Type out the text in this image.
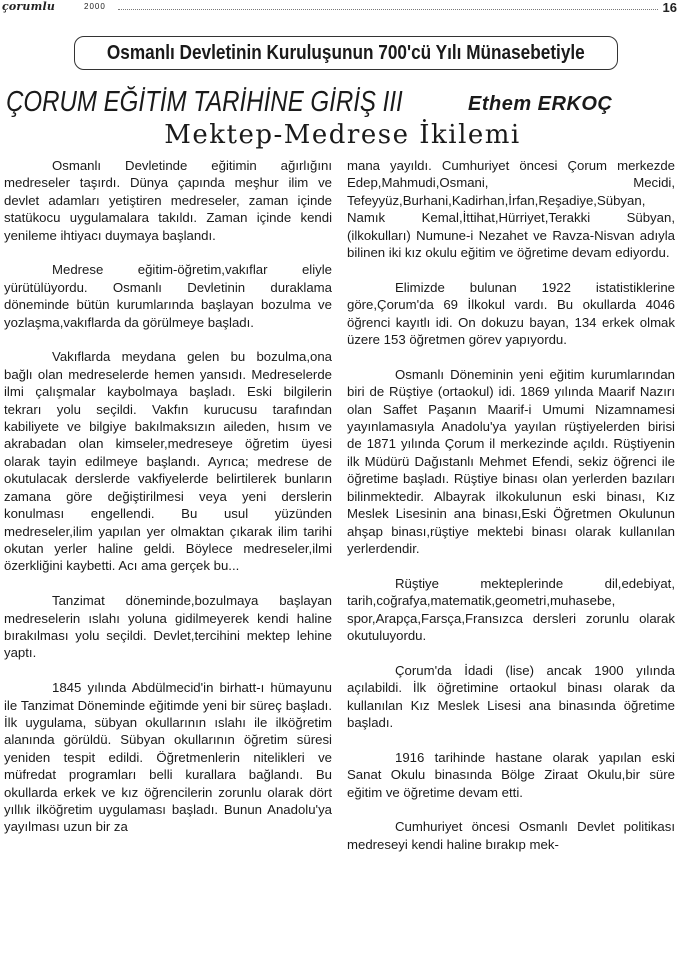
çorumlu	2000	16
Osmanlı Devletinin Kuruluşunun 700'cü Yılı Münasebetiyle
ÇORUM EĞİTİM TARİHİNE GİRİŞ III	Ethem ERKOÇ
Mektep-Medrese İkilemi

Osmanlı Devletinde eğitimin ağırlığını medreseler taşırdı. Dünya çapında meşhur ilim ve devlet adamları yetiştiren medreseler, zaman içinde statükocu uygulamalara takıldı. Zaman içinde kendi yenileme ihtiyacı duymaya başlandı.

Medrese eğitim-öğretim,vakıflar eliyle yürütülüyordu. Osmanlı Devletinin duraklama döneminde bütün kurumlarında başlayan bozulma ve yozlaşma,vakıflarda da görülmeye başladı.

Vakıflarda meydana gelen bu bozulma,ona bağlı olan medreselerde hemen yansıdı. Medreselerde ilmi çalışmalar kaybolmaya başladı. Eski bilgilerin tekrarı yolu seçildi. Vakfın kurucusu tarafından kabiliyete ve bilgiye bakılmaksızın aileden, hısım ve akrabadan olan kimseler,medreseye öğretim üyesi olarak tayin edilmeye başlandı. Ayrıca; medrese de okutulacak derslerde vakfiyelerde belirtilerek bunların zamana göre değiştirilmesi veya yeni derslerin konulması engellendi. Bu usul yüzünden medreseler,ilim yapılan yer olmaktan çıkarak ilim tarihi okutan yerler haline geldi. Böylece medreseler,ilmi özerkliğini kaybetti. Acı ama gerçek bu...

Tanzimat döneminde,bozulmaya başlayan medreselerin ıslahı yoluna gidilmeyerek kendi haline bırakılması yolu seçildi. Devlet,tercihini mektep lehine yaptı.

1845 yılında Abdülmecid'in birhatt-ı hümayunu ile Tanzimat Döneminde eğitimde yeni bir süreç başladı. İlk uygulama, sübyan okullarının ıslahı ile ilköğretim alanında görüldü. Sübyan okullarının öğretim süresi yeniden tespit edildi. Öğretmenlerin nitelikleri ve müfredat programları belli kurallara bağlandı. Bu okullarda erkek ve kız öğrencilerin zorunlu olarak dört yıllık ilköğretim uygulaması başladı. Bunun Anadolu'ya yayılması uzun bir za

mana yayıldı. Cumhuriyet öncesi Çorum merkezde Edep,Mahmudi,Osmani, Mecidi, Tefeyyüz,Burhani,Kadirhan,İrfan,Reşadiye,Sübyan, Namık Kemal,İttihat,Hürriyet,Terakki Sübyan, (ilkokulları) Numune-i Nezahet ve Ravza-Nisvan adıyla bilinen iki kız okulu eğitim ve öğretime devam ediyordu.

Elimizde bulunan 1922 istatistiklerine göre,Çorum'da 69 İlkokul vardı. Bu okullarda 4046 öğrenci kayıtlı idi. On dokuzu bayan, 134 erkek olmak üzere 153 öğretmen görev yapıyordu.

Osmanlı Döneminin yeni eğitim kurumlarından biri de Rüştiye (ortaokul) idi. 1869 yılında Maarif Nazırı olan Saffet Paşanın Maarif-i Umumi Nizamnamesi yayınlamasıyla Anadolu'ya yayılan rüştiyelerden birisi de 1871 yılında Çorum il merkezinde açıldı. Rüştiyenin ilk Müdürü Dağıstanlı Mehmet Efendi, sekiz öğrenci ile öğretime başladı. Rüştiye binası olan yerlerden bazıları bilinmektedir. Albayrak ilkokulunun eski binası, Kız Meslek Lisesinin ana binası,Eski Öğretmen Okulunun ahşap binası,rüştiye mektebi binası olarak kullanılan yerlerdendir.

Rüştiye mekteplerinde dil,edebiyat, tarih,coğrafya,matematik,geometri,muhasebe, spor,Arapça,Farsça,Fransızca dersleri zorunlu olarak okutuluyordu.

Çorum'da İdadi (lise) ancak 1900 yılında açılabildi. İlk öğretimine ortaokul binası olarak da kullanılan Kız Meslek Lisesi ana binasında öğretime başladı.

1916 tarihinde hastane olarak yapılan eski Sanat Okulu binasında Bölge Ziraat Okulu,bir süre eğitim ve öğretime devam etti.

Cumhuriyet öncesi Osmanlı Devlet politikası medreseyi kendi haline bırakıp mek-
